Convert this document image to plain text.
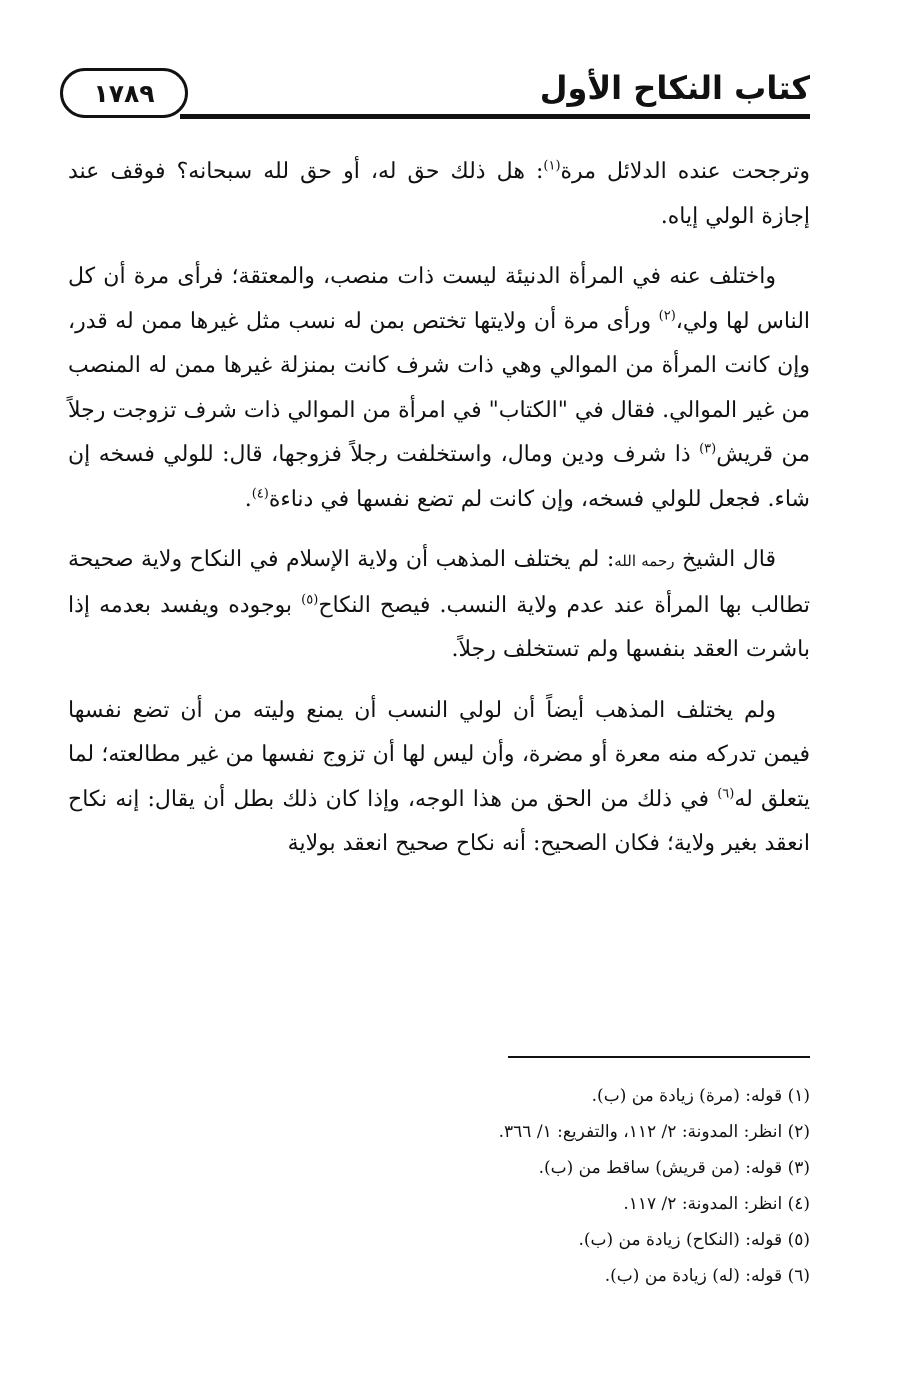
١٧٨٩	كتاب النكاح الأول

وترجحت عنده الدلائل مرة$^{(١)}$: هل ذلك حق له، أو حق لله سبحانه؟ فوقف عند إجازة الولي إياه.

واختلف عنه في المرأة الدنيئة ليست ذات منصب، والمعتقة؛ فرأى مرة أن كل الناس لها ولي،$^{(٢)}$ ورأى مرة أن ولايتها تختص بمن له نسب مثل غيرها ممن له قدر، وإن كانت المرأة من الموالي وهي ذات شرف كانت بمنزلة غيرها ممن له المنصب من غير الموالي. فقال في "الكتاب" في امرأة من الموالي ذات شرف تزوجت رجلاً من قريش$^{(٣)}$ ذا شرف ودين ومال، واستخلفت رجلاً فزوجها، قال: للولي فسخه إن شاء. فجعل للولي فسخه، وإن كانت لم تضع نفسها في دناءة$^{(٤)}$.

قال الشيخ رحمه الله: لم يختلف المذهب أن ولاية الإسلام في النكاح ولاية صحيحة تطالب بها المرأة عند عدم ولاية النسب. فيصح النكاح$^{(٥)}$ بوجوده ويفسد بعدمه إذا باشرت العقد بنفسها ولم تستخلف رجلاً.

ولم يختلف المذهب أيضاً أن لولي النسب أن يمنع وليته من أن تضع نفسها فيمن تدركه منه معرة أو مضرة، وأن ليس لها أن تزوج نفسها من غير مطالعته؛ لما يتعلق له$^{(٦)}$ في ذلك من الحق من هذا الوجه، وإذا كان ذلك بطل أن يقال: إنه نكاح انعقد بغير ولاية؛ فكان الصحيح: أنه نكاح صحيح انعقد بولاية

(١) قوله: (مرة) زيادة من (ب).
(٢) انظر: المدونة: ٢/ ١١٢، والتفريع: ١/ ٣٦٦.
(٣) قوله: (من قريش) ساقط من (ب).
(٤) انظر: المدونة: ٢/ ١١٧.
(٥) قوله: (النكاح) زيادة من (ب).
(٦) قوله: (له) زيادة من (ب).
